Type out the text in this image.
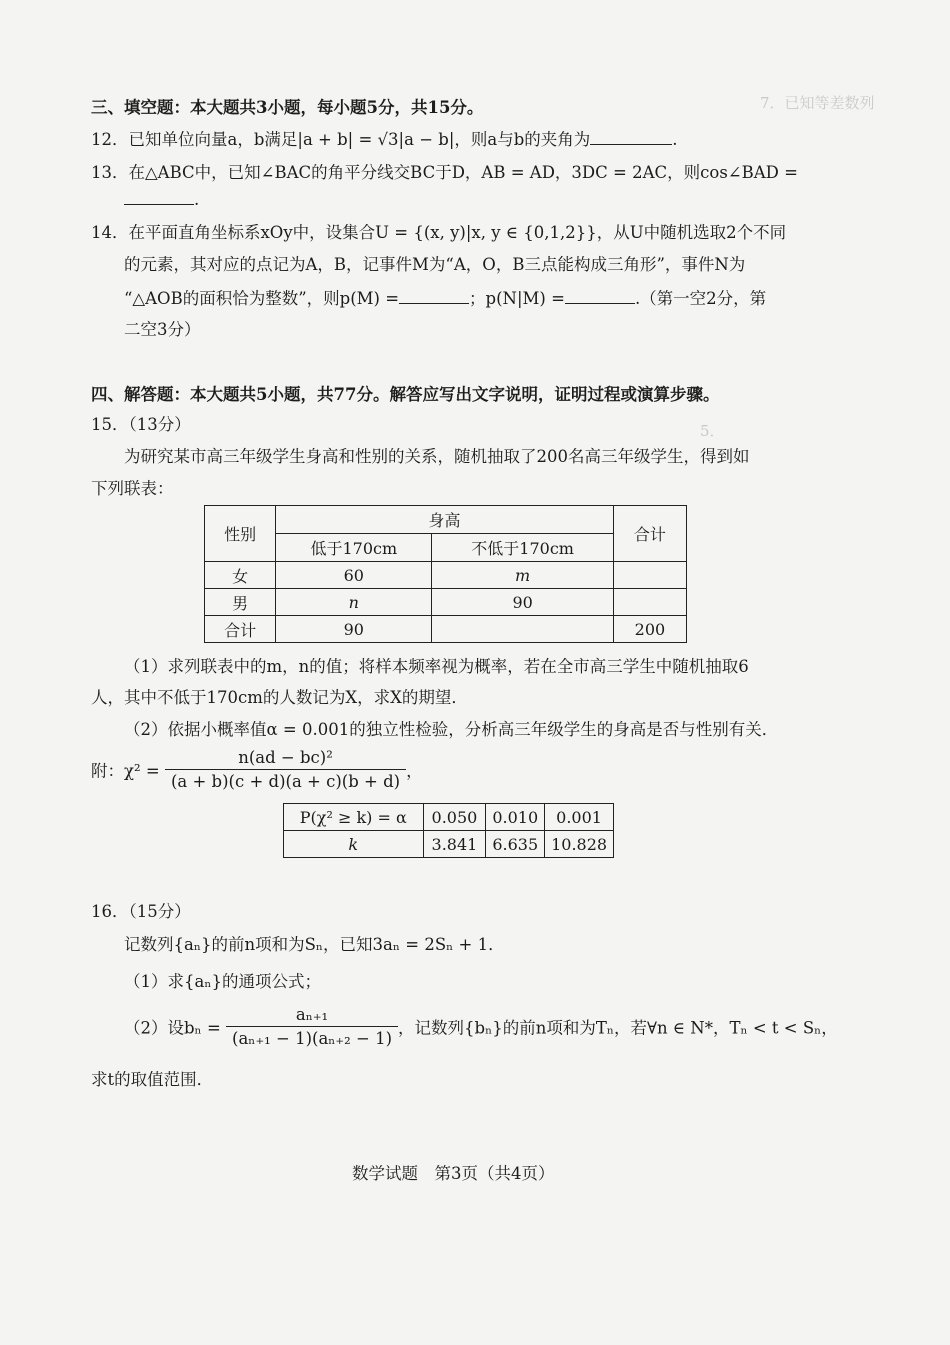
7．已知等差数列
5．
三、填空题：本大题共3小题，每小题5分，共15分。
12．已知单位向量a，b满足|a + b| = √3|a − b|，则a与b的夹角为	.
13．在△ABC中，已知∠BAC的角平分线交BC于D，AB = AD，3DC = 2AC，则cos∠BAD =
.
14．在平面直角坐标系xOy中，设集合U = {(x, y)|x, y ∈ {0,1,2}}，从U中随机选取2个不同
的元素，其对应的点记为A，B，记事件M为“A，O，B三点能构成三角形”，事件N为
“△AOB的面积恰为整数”，则p(M) =	；p(N|M) =	.（第一空2分，第
二空3分）
四、解答题：本大题共5小题，共77分。解答应写出文字说明，证明过程或演算步骤。
15．（13分）
为研究某市高三年级学生身高和性别的关系，随机抽取了200名高三年级学生，得到如
下列联表：
性别	身高		合计
	低于170cm	不低于170cm	
女	60	m	
男	n	90	
合计	90		200
（1）求列联表中的m，n的值；将样本频率视为概率，若在全市高三学生中随机抽取6
人，其中不低于170cm的人数记为X，求X的期望．
（2）依据小概率值α = 0.001的独立性检验，分析高三年级学生的身高是否与性别有关．
附：$\chi^2 = \frac{\text{n(ad − bc)²}}{(a + b)(c + d)(a + c)(b + d)}$ ，
P(χ² ≥ k) = α	0.050	0.010	0.001
k	3.841	6.635	10.828
16．（15分）
记数列{aₙ}的前n项和为Sₙ，已知3aₙ = 2Sₙ + 1．
（1）求{aₙ}的通项公式；
（2）设$b_n = \frac{\text{aₙ₊₁}}{\text{(aₙ₊₁ − 1)(aₙ₊₂ − 1)}}$ ，记数列{bₙ}的前n项和为Tₙ，若∀n ∈ N*，Tₙ < t < Sₙ，
求t的取值范围．
数学试题　第3页（共4页）
